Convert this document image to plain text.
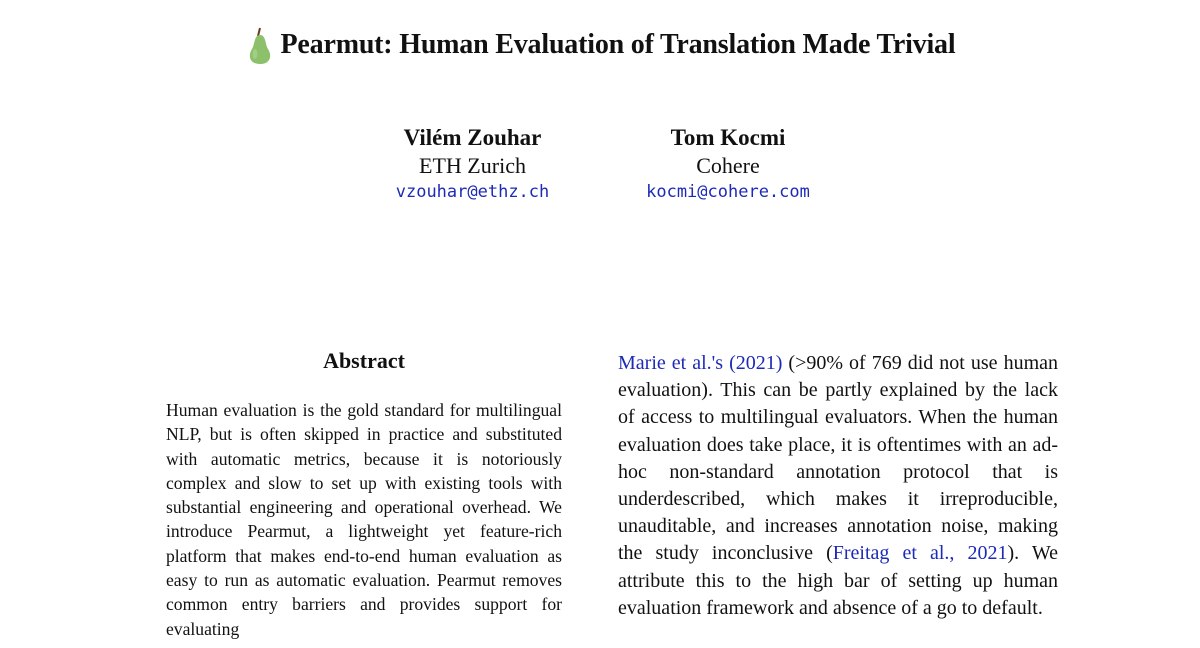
Pearmut: Human Evaluation of Translation Made Trivial
Vilém Zouhar
ETH Zurich
vzouhar@ethz.ch
Tom Kocmi
Cohere
kocmi@cohere.com
Abstract

Human evaluation is the gold standard for multilingual NLP, but is often skipped in practice and substituted with automatic metrics, because it is notoriously complex and slow to set up with existing tools with substantial engineering and operational overhead. We introduce Pearmut, a lightweight yet feature-rich platform that makes end-to-end human evaluation as easy to run as automatic evaluation. Pearmut removes common entry barriers and provides support for evaluating

Marie et al.'s (2021) (>90% of 769 did not use human evaluation). This can be partly explained by the lack of access to multilingual evaluators. When the human evaluation does take place, it is oftentimes with an ad-hoc non-standard annotation protocol that is underdescribed, which makes it irreproducible, unauditable, and increases annotation noise, making the study inconclusive (Freitag et al., 2021). We attribute this to the high bar of setting up human evaluation framework and absence of a go to default.
